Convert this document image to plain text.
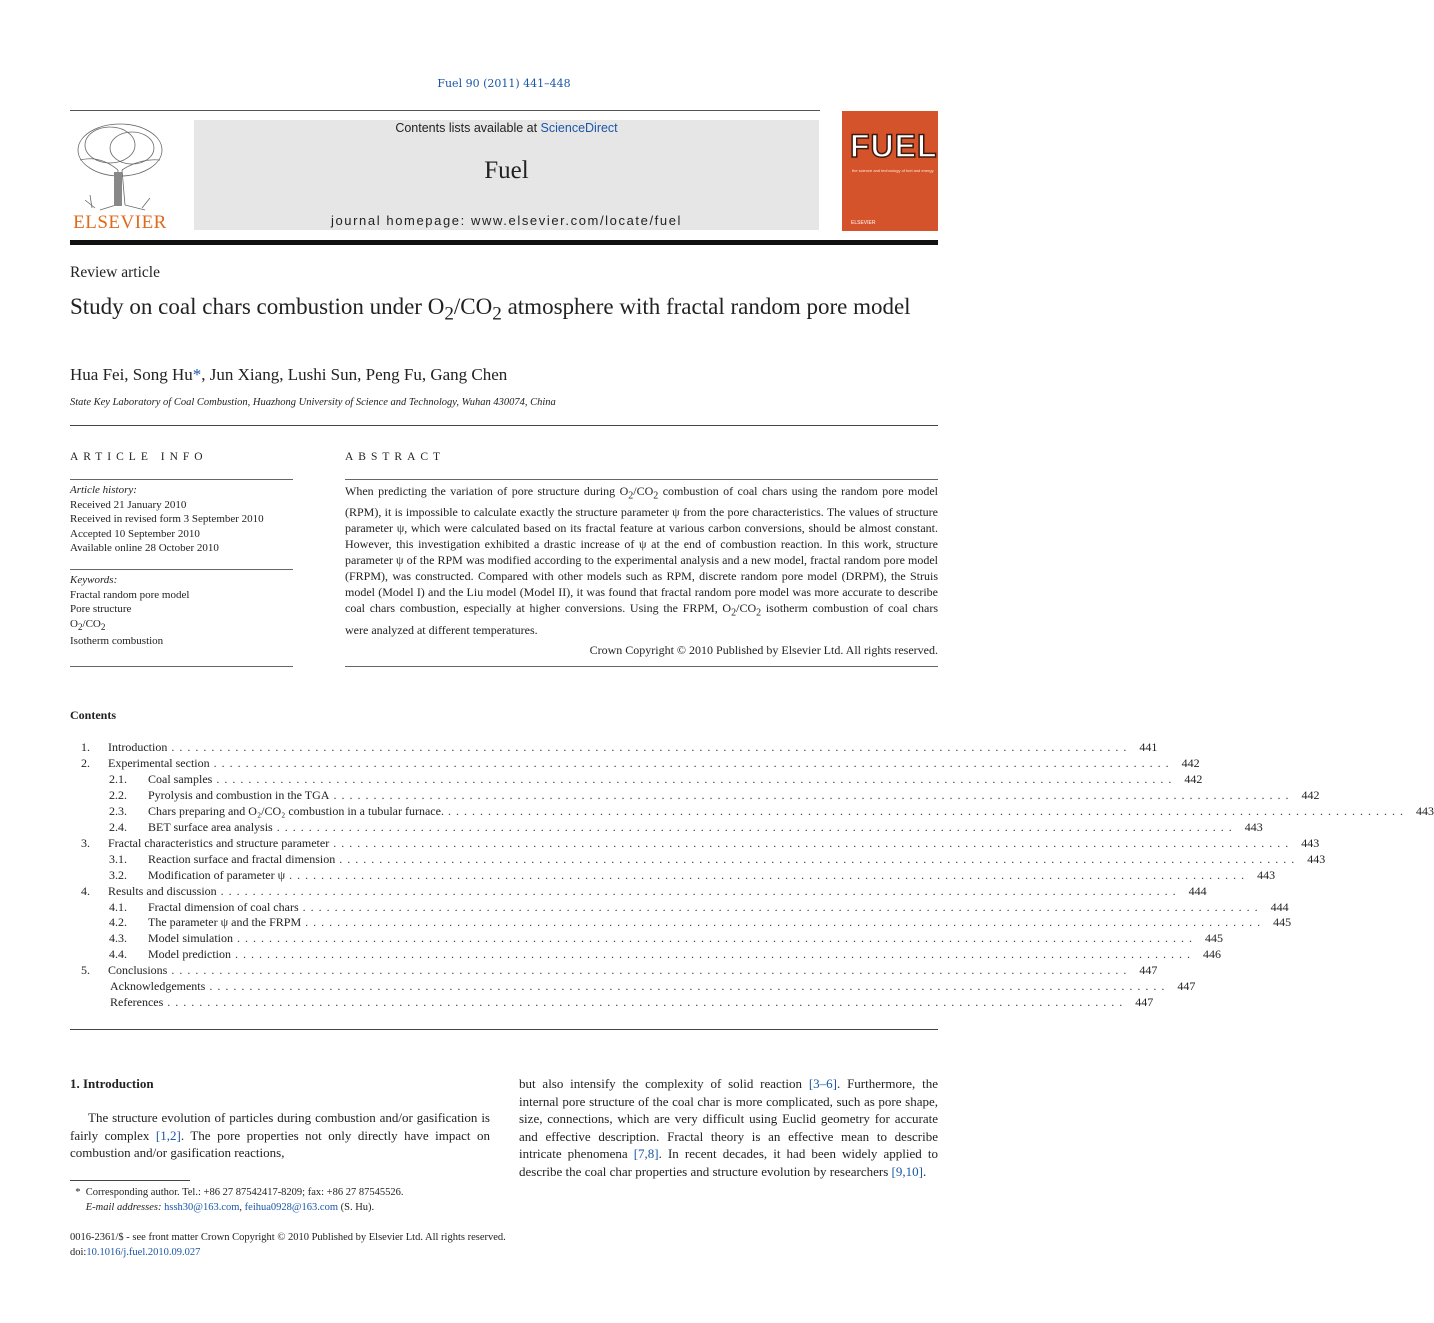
Fuel 90 (2011) 441–448
ELSEVIER
Contents lists available at ScienceDirect
Fuel
journal homepage: www.elsevier.com/locate/fuel
FUEL
the science and technology of fuel and energy
ELSEVIER
Review article
Study on coal chars combustion under $O_2/CO_2$ atmosphere with fractal random pore model
Hua Fei, Song Hu*, Jun Xiang, Lushi Sun, Peng Fu, Gang Chen
State Key Laboratory of Coal Combustion, Huazhong University of Science and Technology, Wuhan 430074, China
ARTICLE INFO	ABSTRACT
Article history:
Received 21 January 2010
Received in revised form 3 September 2010
Accepted 10 September 2010
Available online 28 October 2010
Keywords:
Fractal random pore model
Pore structure
$O_2/CO_2$
Isotherm combustion
When predicting the variation of pore structure during $O_2/CO_2$ combustion of coal chars using the random pore model (RPM), it is impossible to calculate exactly the structure parameter ψ from the pore characteristics. The values of structure parameter ψ, which were calculated based on its fractal feature at various carbon conversions, should be almost constant. However, this investigation exhibited a drastic increase of ψ at the end of combustion reaction. In this work, structure parameter ψ of the RPM was modified according to the experimental analysis and a new model, fractal random pore model (FRPM), was constructed. Compared with other models such as RPM, discrete random pore model (DRPM), the Struis model (Model I) and the Liu model (Model II), it was found that fractal random pore model was more accurate to describe coal chars combustion, especially at higher conversions. Using the FRPM, $O_2/CO_2$ isotherm combustion of coal chars were analyzed at different temperatures.
Crown Copyright © 2010 Published by Elsevier Ltd. All rights reserved.
Contents
1.	Introduction . . . . . . . . . . . . . . . . . . . . . . . . . . . . . . . . . . . . . . . . . . . . . . . . . . . . . . . . . . . . . . . . . . . . . . . . . . . . . . . . . . . . . . . . . . . . . . . . . . . . . . . . . . . . . . . . . . . . . . . .	441
2.	Experimental section . . . . . . . . . . . . . . . . . . . . . . . . . . . . . . . . . . . . . . . . . . . . . . . . . . . . . . . . . . . . . . . . . . . . . . . . . . . . . . . . . . . . . . . . . . . . . . . . . . . . . . . . . . . . . . . . . . . . . . . .	442
2.1.	Coal samples . . . . . . . . . . . . . . . . . . . . . . . . . . . . . . . . . . . . . . . . . . . . . . . . . . . . . . . . . . . . . . . . . . . . . . . . . . . . . . . . . . . . . . . . . . . . . . . . . . . . . . . . . . . . . . . . . . . . . . . .	442
2.2.	Pyrolysis and combustion in the TGA . . . . . . . . . . . . . . . . . . . . . . . . . . . . . . . . . . . . . . . . . . . . . . . . . . . . . . . . . . . . . . . . . . . . . . . . . . . . . . . . . . . . . . . . . . . . . . . . . . . . . . . . . . . . . . . . . . . . . . . .	442
2.3.	Chars preparing and O₂/CO₂ combustion in a tubular furnace. . . . . . . . . . . . . . . . . . . . . . . . . . . . . . . . . . . . . . . . . . . . . . . . . . . . . . . . . . . . . . . . . . . . . . . . . . . . . . . . . . . . . . . . . . . . . . . . . . . . . . . . . . . . . . . . . . . . . . . . .	443
2.4.	BET surface area analysis . . . . . . . . . . . . . . . . . . . . . . . . . . . . . . . . . . . . . . . . . . . . . . . . . . . . . . . . . . . . . . . . . . . . . . . . . . . . . . . . . . . . . . . . . . . . . . . . . . . . . . . . . . . . . . . . . . . . . . . .	443
3.	Fractal characteristics and structure parameter . . . . . . . . . . . . . . . . . . . . . . . . . . . . . . . . . . . . . . . . . . . . . . . . . . . . . . . . . . . . . . . . . . . . . . . . . . . . . . . . . . . . . . . . . . . . . . . . . . . . . . . . . . . . . . . . . . . . . . . .	443
3.1.	Reaction surface and fractal dimension . . . . . . . . . . . . . . . . . . . . . . . . . . . . . . . . . . . . . . . . . . . . . . . . . . . . . . . . . . . . . . . . . . . . . . . . . . . . . . . . . . . . . . . . . . . . . . . . . . . . . . . . . . . . . . . . . . . . . . . .	443
3.2.	Modification of parameter ψ . . . . . . . . . . . . . . . . . . . . . . . . . . . . . . . . . . . . . . . . . . . . . . . . . . . . . . . . . . . . . . . . . . . . . . . . . . . . . . . . . . . . . . . . . . . . . . . . . . . . . . . . . . . . . . . . . . . . . . . .	443
4.	Results and discussion . . . . . . . . . . . . . . . . . . . . . . . . . . . . . . . . . . . . . . . . . . . . . . . . . . . . . . . . . . . . . . . . . . . . . . . . . . . . . . . . . . . . . . . . . . . . . . . . . . . . . . . . . . . . . . . . . . . . . . . .	444
4.1.	Fractal dimension of coal chars . . . . . . . . . . . . . . . . . . . . . . . . . . . . . . . . . . . . . . . . . . . . . . . . . . . . . . . . . . . . . . . . . . . . . . . . . . . . . . . . . . . . . . . . . . . . . . . . . . . . . . . . . . . . . . . . . . . . . . . .	444
4.2.	The parameter ψ and the FRPM . . . . . . . . . . . . . . . . . . . . . . . . . . . . . . . . . . . . . . . . . . . . . . . . . . . . . . . . . . . . . . . . . . . . . . . . . . . . . . . . . . . . . . . . . . . . . . . . . . . . . . . . . . . . . . . . . . . . . . . .	445
4.3.	Model simulation . . . . . . . . . . . . . . . . . . . . . . . . . . . . . . . . . . . . . . . . . . . . . . . . . . . . . . . . . . . . . . . . . . . . . . . . . . . . . . . . . . . . . . . . . . . . . . . . . . . . . . . . . . . . . . . . . . . . . . . .	445
4.4.	Model prediction . . . . . . . . . . . . . . . . . . . . . . . . . . . . . . . . . . . . . . . . . . . . . . . . . . . . . . . . . . . . . . . . . . . . . . . . . . . . . . . . . . . . . . . . . . . . . . . . . . . . . . . . . . . . . . . . . . . . . . . .	446
5.	Conclusions . . . . . . . . . . . . . . . . . . . . . . . . . . . . . . . . . . . . . . . . . . . . . . . . . . . . . . . . . . . . . . . . . . . . . . . . . . . . . . . . . . . . . . . . . . . . . . . . . . . . . . . . . . . . . . . . . . . . . . . .	447
Acknowledgements . . . . . . . . . . . . . . . . . . . . . . . . . . . . . . . . . . . . . . . . . . . . . . . . . . . . . . . . . . . . . . . . . . . . . . . . . . . . . . . . . . . . . . . . . . . . . . . . . . . . . . . . . . . . . . . . . . . . . . . .	447
References . . . . . . . . . . . . . . . . . . . . . . . . . . . . . . . . . . . . . . . . . . . . . . . . . . . . . . . . . . . . . . . . . . . . . . . . . . . . . . . . . . . . . . . . . . . . . . . . . . . . . . . . . . . . . . . . . . . . . . . .	447
1. Introduction
The structure evolution of particles during combustion and/or gasification is fairly complex [1,2]. The pore properties not only directly have impact on combustion and/or gasification reactions,
but also intensify the complexity of solid reaction [3–6]. Furthermore, the internal pore structure of the coal char is more complicated, such as pore shape, size, connections, which are very difficult using Euclid geometry for accurate and effective description. Fractal theory is an effective mean to describe intricate phenomena [7,8]. In recent decades, it had been widely applied to describe the coal char properties and structure evolution by researchers [9,10].
* Corresponding author. Tel.: +86 27 87542417-8209; fax: +86 27 87545526.
E-mail addresses: hssh30@163.com, feihua0928@163.com (S. Hu).
0016-2361/$ - see front matter Crown Copyright © 2010 Published by Elsevier Ltd. All rights reserved.
doi:10.1016/j.fuel.2010.09.027
